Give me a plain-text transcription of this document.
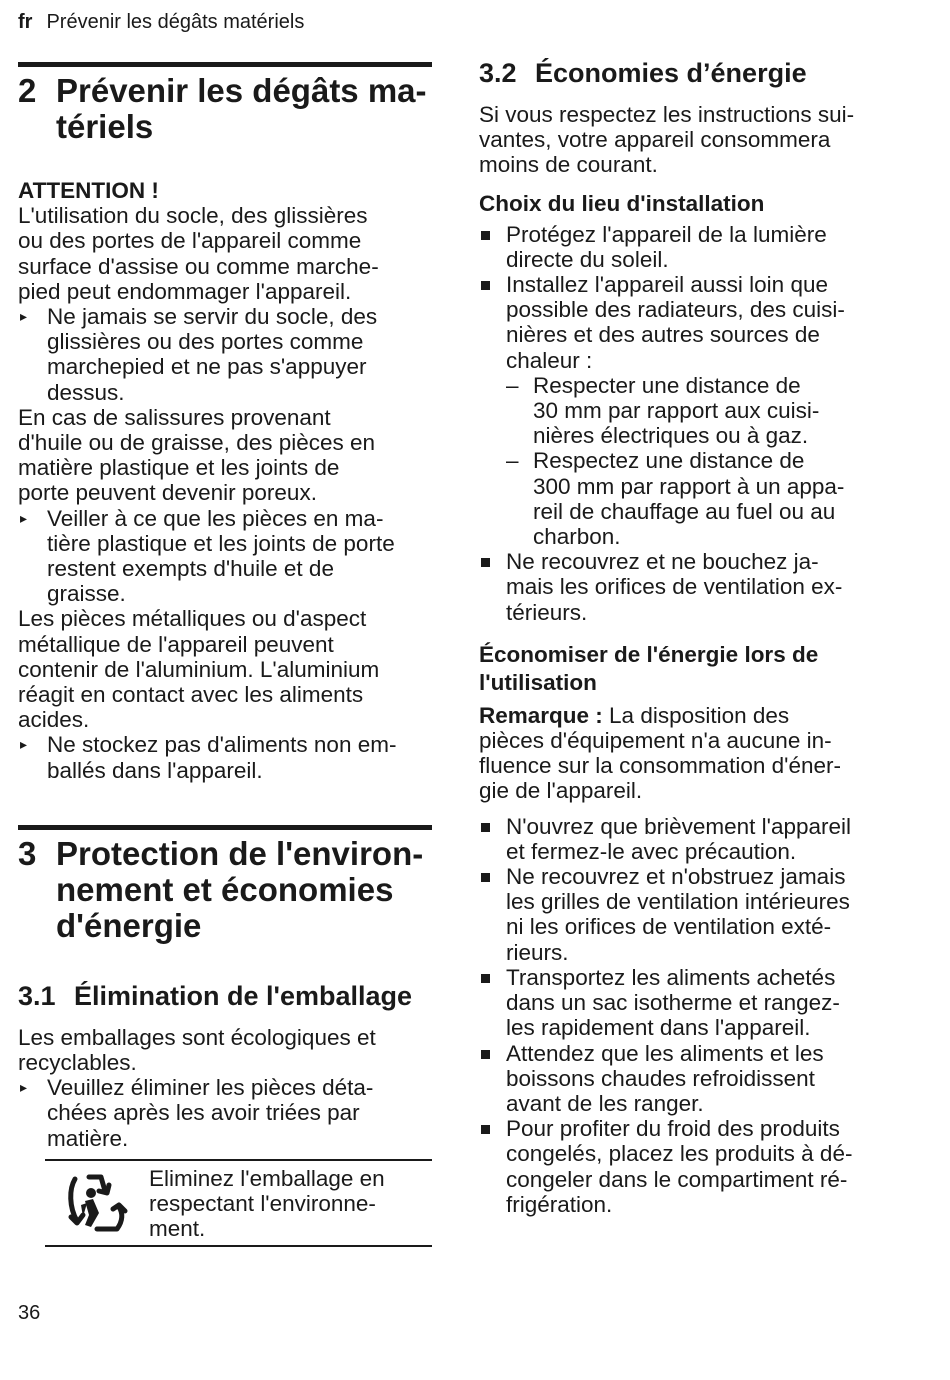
fr Prévenir les dégâts matériels
2 Prévenir les dégâts ma-
tériels

ATTENTION !

L'utilisation du socle, des glissières
ou des portes de l'appareil comme
surface d'assise ou comme marche-
pied peut endommager l'appareil.

▸ Ne jamais se servir du socle, des
glissières ou des portes comme
marchepied et ne pas s'appuyer
dessus.

En cas de salissures provenant
d'huile ou de graisse, des pièces en
matière plastique et les joints de
porte peuvent devenir poreux.

▸ Veiller à ce que les pièces en ma-
tière plastique et les joints de porte
restent exempts d'huile et de
graisse.

Les pièces métalliques ou d'aspect
métallique de l'appareil peuvent
contenir de l'aluminium. L'aluminium
réagit en contact avec les aliments
acides.

▸ Ne stockez pas d'aliments non em-
ballés dans l'appareil.
3 Protection de l'environ-
nement et économies
d'énergie
3.1 Élimination de l'emballage

Les emballages sont écologiques et
recyclables.

▸ Veuillez éliminer les pièces déta-
chées après les avoir triées par
matière.
Eliminez l'emballage en
respectant l'environne-
ment.
3.2 Économies d’énergie

Si vous respectez les instructions sui-
vantes, votre appareil consommera
moins de courant.

Choix du lieu d'installation
Protégez l'appareil de la lumière
directe du soleil.
Installez l'appareil aussi loin que
possible des radiateurs, des cuisi-
nières et des autres sources de
chaleur :
– Respecter une distance de
30 mm par rapport aux cuisi-
nières électriques ou à gaz.
– Respectez une distance de
300 mm par rapport à un appa-
reil de chauffage au fuel ou au
charbon.
Ne recouvrez et ne bouchez ja-
mais les orifices de ventilation ex-
térieurs.
Économiser de l'énergie lors de
l'utilisation

Remarque : La disposition des
pièces d'équipement n'a aucune in-
fluence sur la consommation d'éner-
gie de l'appareil.

N'ouvrez que brièvement l'appareil
et fermez-le avec précaution.
Ne recouvrez et n'obstruez jamais
les grilles de ventilation intérieures
ni les orifices de ventilation exté-
rieurs.
Transportez les aliments achetés
dans un sac isotherme et rangez-
les rapidement dans l'appareil.
Attendez que les aliments et les
boissons chaudes refroidissent
avant de les ranger.
Pour profiter du froid des produits
congelés, placez les produits à dé-
congeler dans le compartiment ré-
frigération.
36
